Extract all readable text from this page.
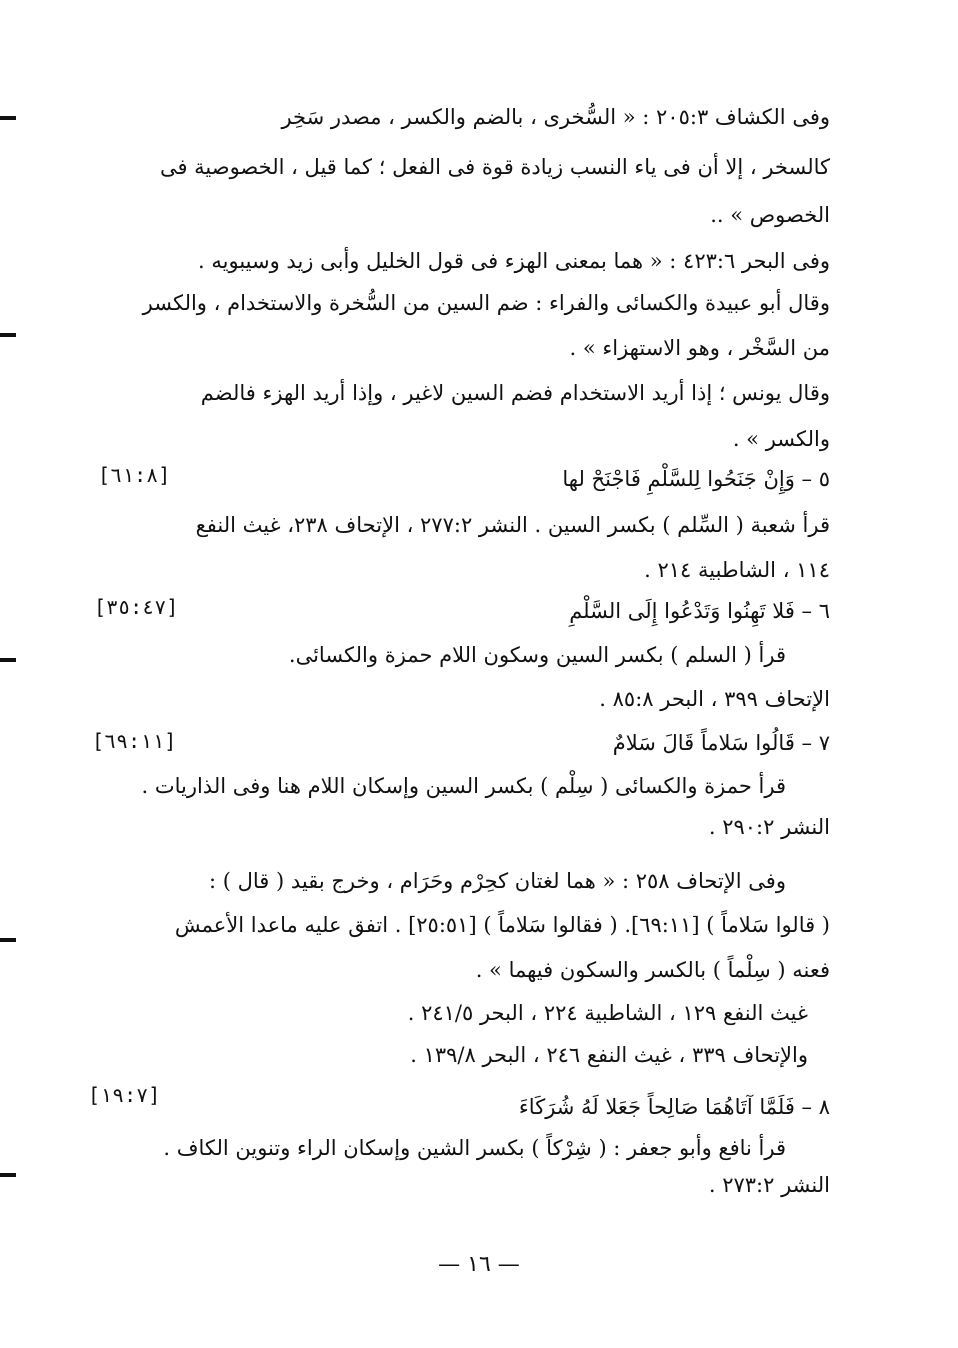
وفى الكشاف ٢٠٥:٣ : « السُّخرى ، بالضم والكسر ، مصدر سَخِر
كالسخر ، إلا أن فى ياء النسب زيادة قوة فى الفعل ؛ كما قيل ، الخصوصية فى
الخصوص » ..
وفى البحر ٤٢٣:٦ : « هما بمعنى الهزء فى قول الخليل وأبى زيد وسيبويه .
وقال أبو عبيدة والكسائى والفراء : ضم السين من السُّخرة والاستخدام ، والكسر
من السَّخْر ، وهو الاستهزاء » .
وقال يونس ؛ إذا أريد الاستخدام فضم السين لاغير ، وإذا أريد الهزء فالضم
والكسر » .
٥ – وَإِنْ جَنَحُوا لِلسَّلْمِ فَاجْنَحْ لها
[٦١:٨]
قرأ شعبة ( السِّلم ) بكسر السين . النشر ٢٧٧:٢ ، الإتحاف ٢٣٨، غيث النفع
١١٤ ، الشاطبية ٢١٤ .
٦ – فَلا تَهِنُوا وَتَدْعُوا إِلَى السَّلْمِ
[٣٥:٤٧]
قرأ ( السلم ) بكسر السين وسكون اللام حمزة والكسائى.
الإتحاف ٣٩٩ ، البحر ٨٥:٨ .
٧ – قَالُوا سَلاماً قَالَ سَلامٌ
[٦٩:١١]
قرأ حمزة والكسائى ( سِلْم ) بكسر السين وإسكان اللام هنا وفى الذاريات .
النشر ٢٩٠:٢ .
وفى الإتحاف ٢٥٨ : « هما لغتان كحِرْم وحَرَام ، وخرج بقيد ( قال ) :
( قالوا سَلاماً ) [٦٩:١١]. ( فقالوا سَلاماً ) [٢٥:٥١] . اتفق عليه ماعدا الأعمش
فعنه ( سِلْماً ) بالكسر والسكون فيهما » .
غيث النفع ١٢٩ ، الشاطبية ٢٢٤ ، البحر ٢٤١/٥ .
والإتحاف ٣٣٩ ، غيث النفع ٢٤٦ ، البحر ١٣٩/٨ .
٨ – فَلَمَّا آتَاهُمَا صَالِحاً جَعَلا لَهُ شُرَكَاءَ
[١٩:٧]
قرأ نافع وأبو جعفر : ( شِرْكاً ) بكسر الشين وإسكان الراء وتنوين الكاف .
النشر ٢٧٣:٢ .
— ١٦ —
